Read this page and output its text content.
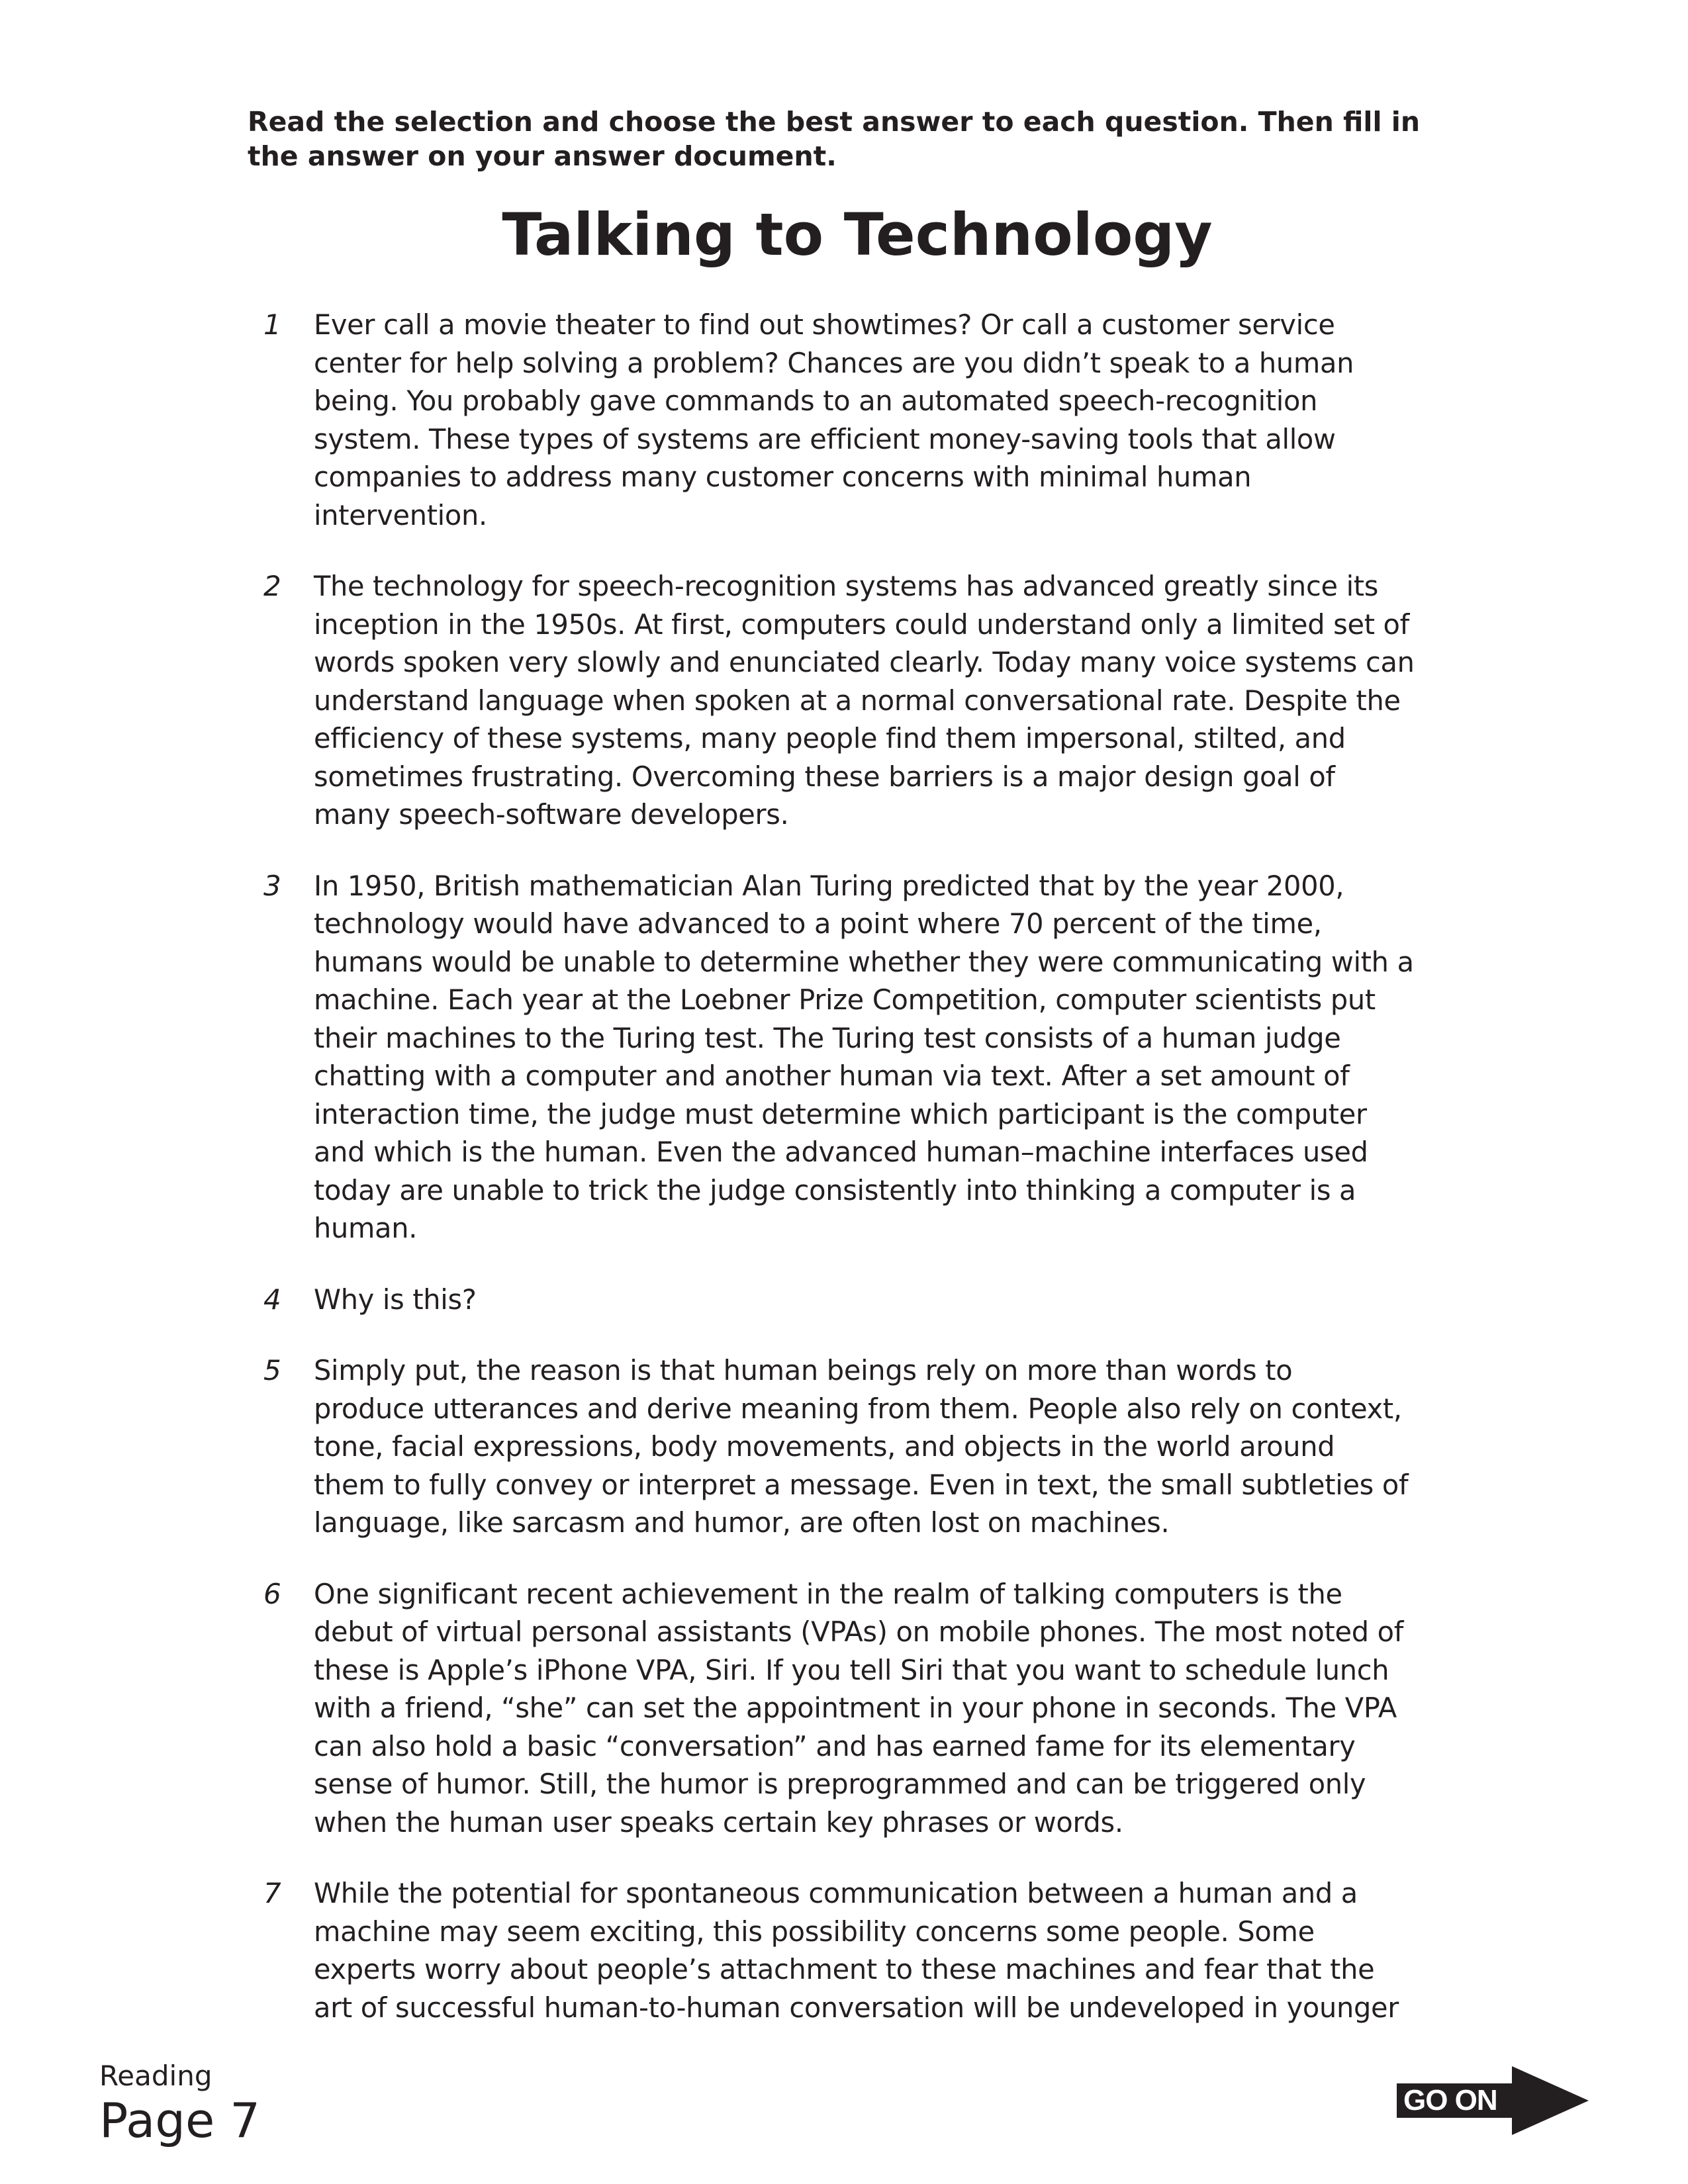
Read the selection and choose the best answer to each question. Then fill in
the answer on your answer document.
Talking to Technology
1 Ever call a movie theater to find out showtimes? Or call a customer service
center for help solving a problem? Chances are you didn’t speak to a human
being. You probably gave commands to an automated speech-recognition
system. These types of systems are efficient money-saving tools that allow
companies to address many customer concerns with minimal human
intervention.
2 The technology for speech-recognition systems has advanced greatly since its
inception in the 1950s. At first, computers could understand only a limited set of
words spoken very slowly and enunciated clearly. Today many voice systems can
understand language when spoken at a normal conversational rate. Despite the
efficiency of these systems, many people find them impersonal, stilted, and
sometimes frustrating. Overcoming these barriers is a major design goal of
many speech-software developers.
3 In 1950, British mathematician Alan Turing predicted that by the year 2000,
technology would have advanced to a point where 70 percent of the time,
humans would be unable to determine whether they were communicating with a
machine. Each year at the Loebner Prize Competition, computer scientists put
their machines to the Turing test. The Turing test consists of a human judge
chatting with a computer and another human via text. After a set amount of
interaction time, the judge must determine which participant is the computer
and which is the human. Even the advanced human–machine interfaces used
today are unable to trick the judge consistently into thinking a computer is a
human.
4 Why is this?
5 Simply put, the reason is that human beings rely on more than words to
produce utterances and derive meaning from them. People also rely on context,
tone, facial expressions, body movements, and objects in the world around
them to fully convey or interpret a message. Even in text, the small subtleties of
language, like sarcasm and humor, are often lost on machines.
6 One significant recent achievement in the realm of talking computers is the
debut of virtual personal assistants (VPAs) on mobile phones. The most noted of
these is Apple’s iPhone VPA, Siri. If you tell Siri that you want to schedule lunch
with a friend, “she” can set the appointment in your phone in seconds. The VPA
can also hold a basic “conversation” and has earned fame for its elementary
sense of humor. Still, the humor is preprogrammed and can be triggered only
when the human user speaks certain key phrases or words.
7 While the potential for spontaneous communication between a human and a
machine may seem exciting, this possibility concerns some people. Some
experts worry about people’s attachment to these machines and fear that the
art of successful human-to-human conversation will be undeveloped in younger
Reading
Page 7	GO ON
